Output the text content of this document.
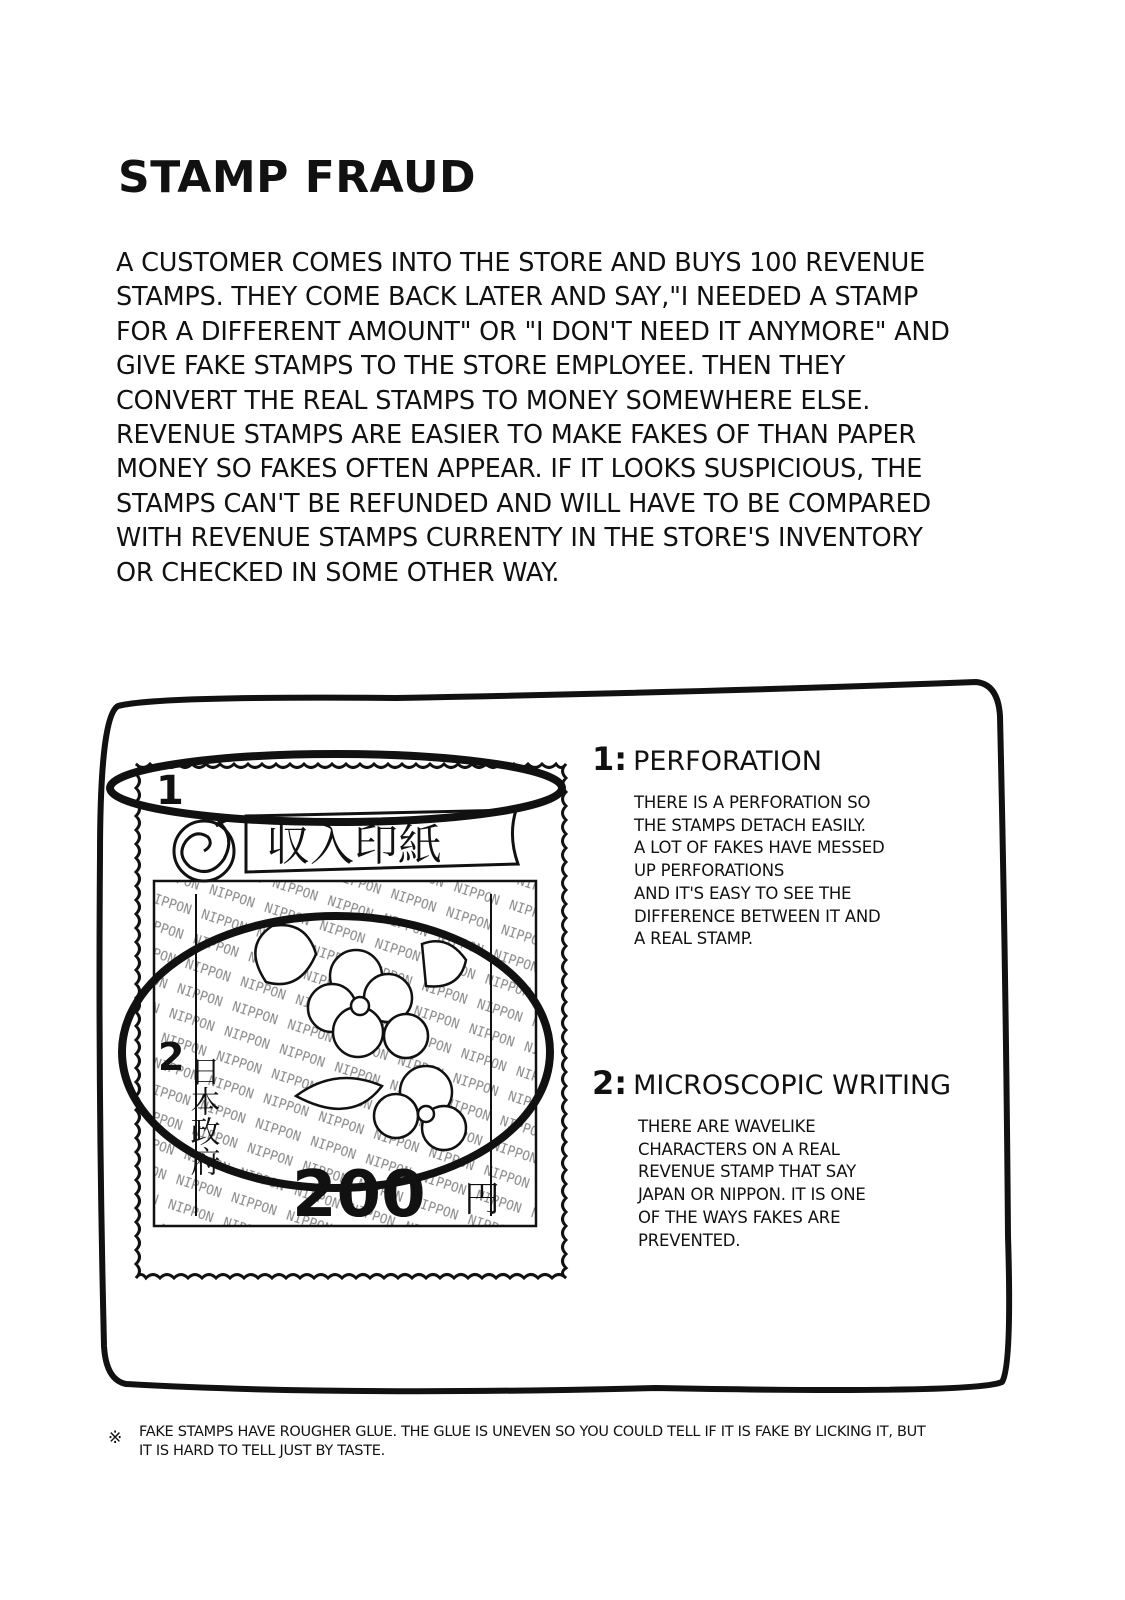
STAMP FRAUD

A CUSTOMER COMES INTO THE STORE AND BUYS 100 REVENUE STAMPS. THEY COME BACK LATER AND SAY,"I NEEDED A STAMP FOR A DIFFERENT AMOUNT" OR "I DON'T NEED IT ANYMORE" AND GIVE FAKE STAMPS TO THE STORE EMPLOYEE. THEN THEY CONVERT THE REAL STAMPS TO MONEY SOMEWHERE ELSE. REVENUE STAMPS ARE EASIER TO MAKE FAKES OF THAN PAPER MONEY SO FAKES OFTEN APPEAR. IF IT LOOKS SUSPICIOUS, THE STAMPS CAN'T BE REFUNDED AND WILL HAVE TO BE COMPARED WITH REVENUE STAMPS CURRENTY IN THE STORE'S INVENTORY OR CHECKED IN SOME OTHER WAY.

収入印紙
日本政府
200 円
1
2
1: PERFORATION

THERE IS A PERFORATION SO
THE STAMPS DETACH EASILY.
A LOT OF FAKES HAVE MESSED
UP PERFORATIONS
AND IT'S EASY TO SEE THE
DIFFERENCE BETWEEN IT AND
A REAL STAMP.

2: MICROSCOPIC WRITING

THERE ARE WAVELIKE
CHARACTERS ON A REAL
REVENUE STAMP THAT SAY
JAPAN OR NIPPON. IT IS ONE
OF THE WAYS FAKES ARE
PREVENTED.

※ FAKE STAMPS HAVE ROUGHER GLUE. THE GLUE IS UNEVEN SO YOU COULD TELL IF IT IS FAKE BY LICKING IT, BUT IT IS HARD TO TELL JUST BY TASTE.
